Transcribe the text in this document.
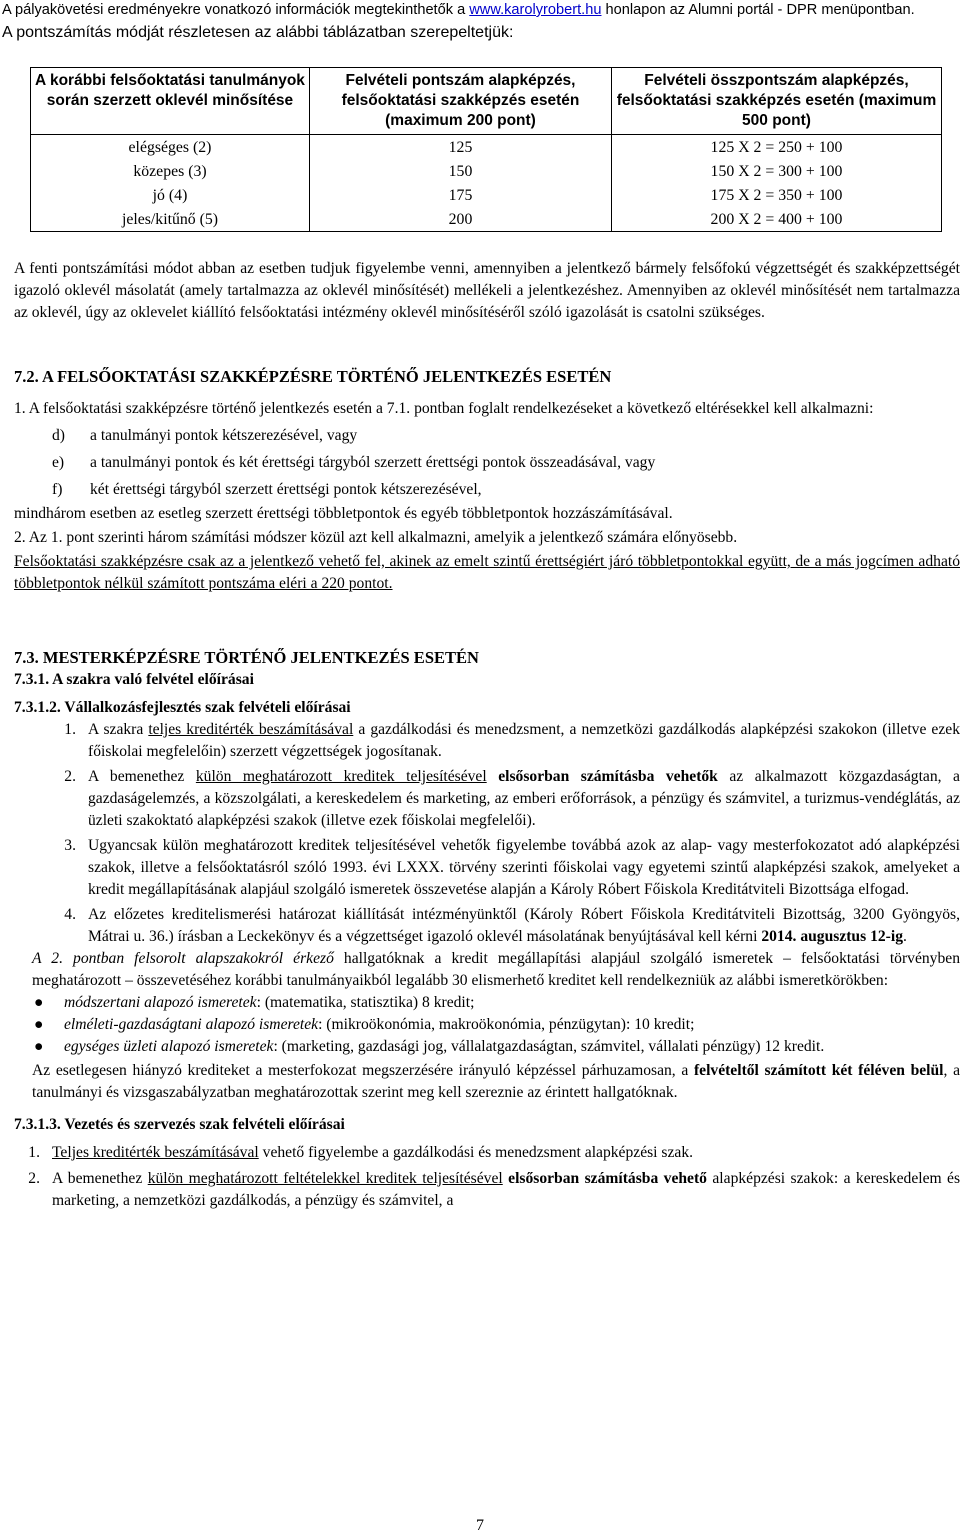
A pályakövetési eredményekre vonatkozó információk megtekinthetők a www.karolyrobert.hu honlapon az Alumni portál - DPR menüpontban.
A pontszámítás módját részletesen az alábbi táblázatban szerepeltetjük:
A korábbi felsőoktatási tanulmányok során szerzett oklevél minősítése	Felvételi pontszám alapképzés, felsőoktatási szakképzés esetén (maximum 200 pont)	Felvételi összpontszám alapképzés, felsőoktatási szakképzés esetén (maximum 500 pont)
elégséges (2)	125	125 X 2 = 250 + 100
közepes (3)	150	150 X 2 = 300 + 100
jó (4)	175	175 X 2 = 350 + 100
jeles/kitűnő (5)	200	200 X 2 = 400 + 100

A fenti pontszámítási módot abban az esetben tudjuk figyelembe venni, amennyiben a jelentkező bármely felsőfokú végzettségét és szakképzettségét igazoló oklevél másolatát (amely tartalmazza az oklevél minősítését) mellékeli a jelentkezéshez. Amennyiben az oklevél minősítését nem tartalmazza az oklevél, úgy az oklevelet kiállító felsőoktatási intézmény oklevél minősítéséről szóló igazolását is csatolni szükséges.

7.2. A FELSŐOKTATÁSI SZAKKÉPZÉSRE TÖRTÉNŐ JELENTKEZÉS ESETÉN

1. A felsőoktatási szakképzésre történő jelentkezés esetén a 7.1. pontban foglalt rendelkezéseket a következő eltérésekkel kell alkalmazni:

d)	a tanulmányi pontok kétszerezésével, vagy
e)	a tanulmányi pontok és két érettségi tárgyból szerzett érettségi pontok összeadásával, vagy
f)	két érettségi tárgyból szerzett érettségi pontok kétszerezésével,

mindhárom esetben az esetleg szerzett érettségi többletpontok és egyéb többletpontok hozzászámításával.

2. Az 1. pont szerinti három számítási módszer közül azt kell alkalmazni, amelyik a jelentkező számára előnyösebb.

Felsőoktatási szakképzésre csak az a jelentkező vehető fel, akinek az emelt szintű érettségiért járó többletpontokkal együtt, de a más jogcímen adható többletpontok nélkül számított pontszáma eléri a 220 pontot.

7.3. MESTERKÉPZÉSRE TÖRTÉNŐ JELENTKEZÉS ESETÉN

7.3.1. A szakra való felvétel előírásai

7.3.1.2. Vállalkozásfejlesztés szak felvételi előírásai

1. A szakra teljes kreditérték beszámításával a gazdálkodási és menedzsment, a nemzetközi gazdálkodás alapképzési szakokon (illetve ezek főiskolai megfelelőin) szerzett végzettségek jogosítanak.
2. A bemenethez külön meghatározott kreditek teljesítésével elsősorban számításba vehetők az alkalmazott közgazdaságtan, a gazdaságelemzés, a közszolgálati, a kereskedelem és marketing, az emberi erőforrások, a pénzügy és számvitel, a turizmus-vendéglátás, az üzleti szakoktató alapképzési szakok (illetve ezek főiskolai megfelelői).
3. Ugyancsak külön meghatározott kreditek teljesítésével vehetők figyelembe továbbá azok az alap- vagy mesterfokozatot adó alapképzési szakok, illetve a felsőoktatásról szóló 1993. évi LXXX. törvény szerinti főiskolai vagy egyetemi szintű alapképzési szakok, amelyeket a kredit megállapításának alapjául szolgáló ismeretek összevetése alapján a Károly Róbert Főiskola Kreditátviteli Bizottsága elfogad.
4. Az előzetes kreditelismerési határozat kiállítását intézményünktől (Károly Róbert Főiskola Kreditátviteli Bizottság, 3200 Gyöngyös, Mátrai u. 36.) írásban a Leckekönyv és a végzettséget igazoló oklevél másolatának benyújtásával kell kérni 2014. augusztus 12-ig.

A 2. pontban felsorolt alapszakokról érkező hallgatóknak a kredit megállapítási alapjául szolgáló ismeretek – felsőoktatási törvényben meghatározott – összevetéséhez korábbi tanulmányaikból legalább 30 elismerhető kreditet kell rendelkezniük az alábbi ismeretkörökben:

●	módszertani alapozó ismeretek: (matematika, statisztika) 8 kredit;
●	elméleti-gazdaságtani alapozó ismeretek: (mikroökonómia, makroökonómia, pénzügytan): 10 kredit;
●	egységes üzleti alapozó ismeretek: (marketing, gazdasági jog, vállalatgazdaságtan, számvitel, vállalati pénzügy) 12 kredit.

Az esetlegesen hiányzó krediteket a mesterfokozat megszerzésére irányuló képzéssel párhuzamosan, a felvételtől számított két féléven belül, a tanulmányi és vizsgaszabályzatban meghatározottak szerint meg kell szerezniе az érintett hallgatóknak.

7.3.1.3. Vezetés és szervezés szak felvételi előírásai

1. Teljes kreditérték beszámításával vehető figyelembe a gazdálkodási és menedzsment alapképzési szak.
2. A bemenethez külön meghatározott feltételekkel kreditek teljesítésével elsősorban számításba vehető alapképzési szakok: a kereskedelem és marketing, a nemzetközi gazdálkodás, a pénzügy és számvitel, a
7
